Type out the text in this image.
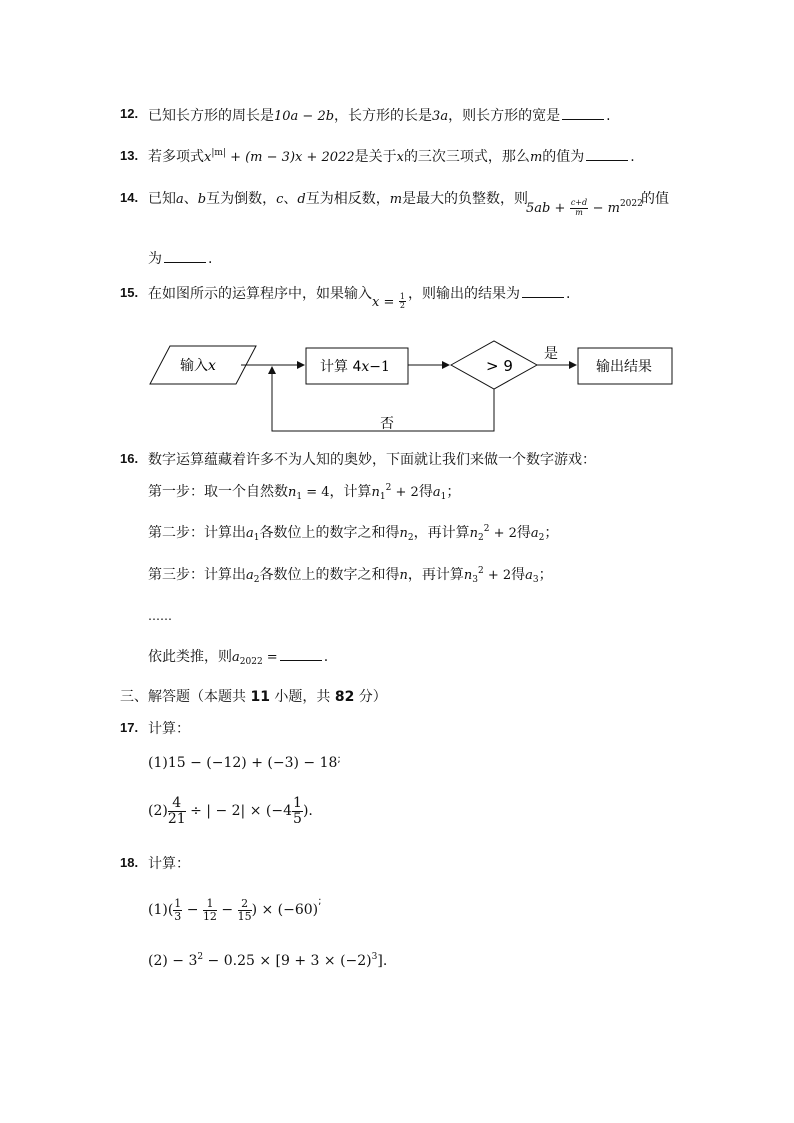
12. 已知长方形的周长是10a − 2b，长方形的长是3a，则长方形的宽是	.
13. 若多项式$x^{|m|} + (m - 3)x + 2022$是关于x的三次三项式，那么m的值为	.
14. 已知a、b互为倒数，c、d互为相反数，m是最大的负整数，则
$5ab + \frac{c+d}{m} - m^{2022}$
的值
为	.
15. 在如图所示的运算程序中，如果输入
$x = \frac{1}{2}$ ，则输出的结果为	.
输入x	计算 4x−1	> 9
是
输出结果
否
16. 数字运算蕴藏着许多不为人知的奥妙，下面就让我们来做一个数字游戏：
第一步：取一个自然数$n_1 = 4$，计算$n_1^2 + 2$得$a_1$；
第二步：计算出$a_1$各数位上的数字之和得$n_2$，再计算$n_2^2 + 2$得$a_2$；
第三步：计算出$a_2$各数位上的数字之和得n，再计算$n_3^2 + 2$得$a_3$；
……
依此类推，则$a_{2022}$ =	.
三、解答题（本题共 11 小题，共 82 分）
17. 计算：
(1)15 − (−12) + (−3) − 18;
$(2) \frac{4}{21}$ ÷ | − $2| \times (-4 \frac{1}{5}$ ).
18. 计算：
$(1)( \frac{1}{3} - \frac{1}{12} - \frac{2}{15}$ ) × (−60);
$(2) - 3^2 - 0.25 \times [9 + 3 \times (-2)^3]$.
